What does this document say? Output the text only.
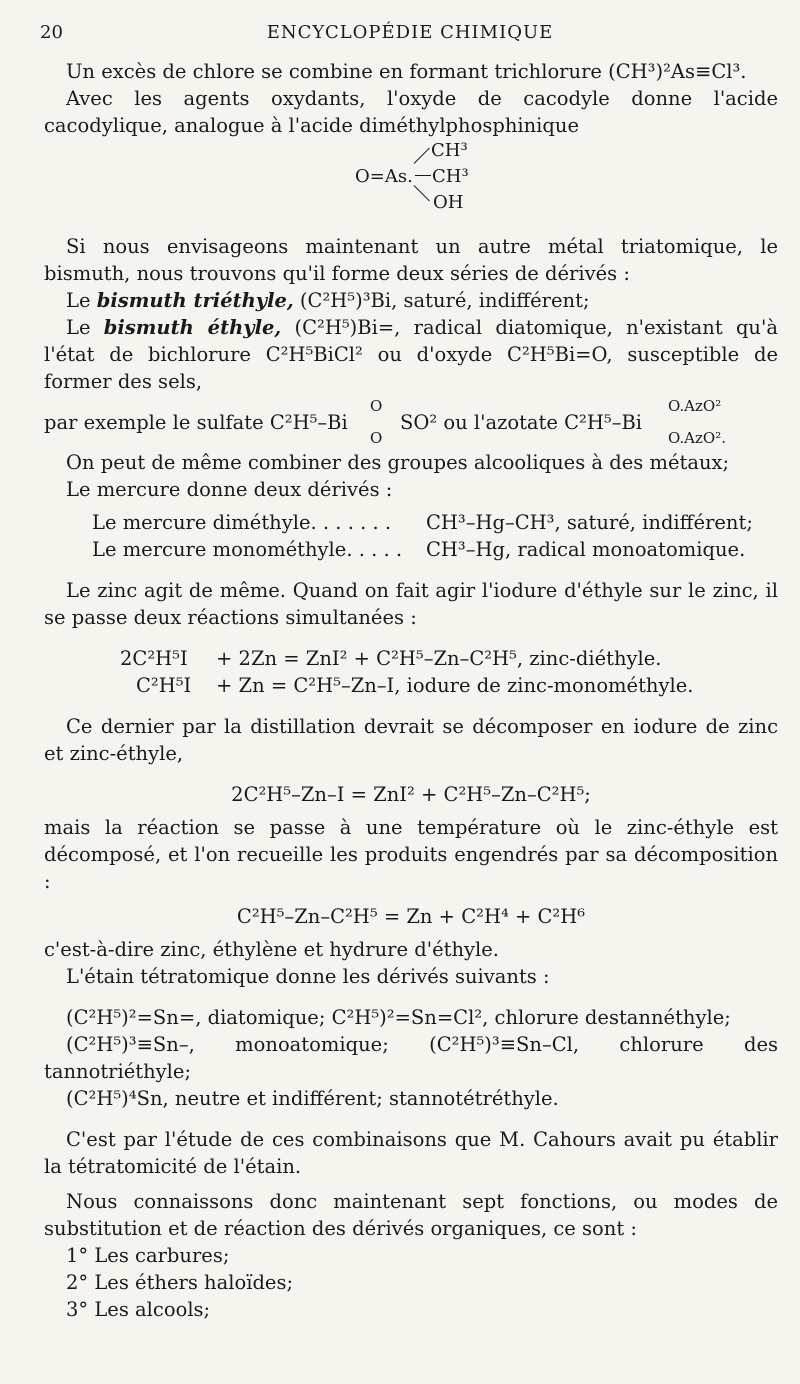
20	ENCYCLOPÉDIE CHIMIQUE

Un excès de chlore se combine en formant trichlorure (CH³)²As≡Cl³.

Avec les agents oxydants, l'oxyde de cacodyle donne l'acide cacodylique, analogue à l'acide diméthylphosphinique

CH³
O=As. CH³
OH

Si nous envisageons maintenant un autre métal triatomique, le bismuth, nous trouvons qu'il forme deux séries de dérivés :

Le bismuth triéthyle, (C²H⁵)³Bi, saturé, indifférent;

Le bismuth éthyle, (C²H⁵)Bi=, radical diatomique, n'existant qu'à l'état de bichlorure C²H⁵BiCl² ou d'oxyde C²H⁵Bi=O, susceptible de former des sels,

par exemple le sulfate C²H⁵–Bi
O
O
SO² ou l'azotate C²H⁵–Bi
O.AzO²
O.AzO².

On peut de même combiner des groupes alcooliques à des métaux;

Le mercure donne deux dérivés :

Le mercure diméthyle. . . . . . .	CH³–Hg–CH³, saturé, indifférent;
Le mercure monométhyle. . . . .	CH³–Hg, radical monoatomique.

Le zinc agit de même. Quand on fait agir l'iodure d'éthyle sur le zinc, il se passe deux réactions simultanées :

2C²H⁵I	+ 2Zn = ZnI² + C²H⁵–Zn–C²H⁵, zinc-diéthyle.
C²H⁵I	+ Zn = C²H⁵–Zn–I, iodure de zinc-monométhyle.

Ce dernier par la distillation devrait se décomposer en iodure de zinc et zinc-éthyle,

2C²H⁵–Zn–I = ZnI² + C²H⁵–Zn–C²H⁵;

mais la réaction se passe à une température où le zinc-éthyle est décomposé, et l'on recueille les produits engendrés par sa décomposition :

C²H⁵–Zn–C²H⁵ = Zn + C²H⁴ + C²H⁶

c'est-à-dire zinc, éthylène et hydrure d'éthyle.

L'étain tétratomique donne les dérivés suivants :

(C²H⁵)²=Sn=, diatomique; C²H⁵)²=Sn=Cl², chlorure destannéthyle;

(C²H⁵)³≡Sn–, monoatomique; (C²H⁵)³≡Sn–Cl, chlorure des tannotriéthyle;

(C²H⁵)⁴Sn, neutre et indifférent; stannotétréthyle.

C'est par l'étude de ces combinaisons que M. Cahours avait pu établir la tétratomicité de l'étain.

Nous connaissons donc maintenant sept fonctions, ou modes de substitution et de réaction des dérivés organiques, ce sont :

1° Les carbures;

2° Les éthers haloïdes;

3° Les alcools;
